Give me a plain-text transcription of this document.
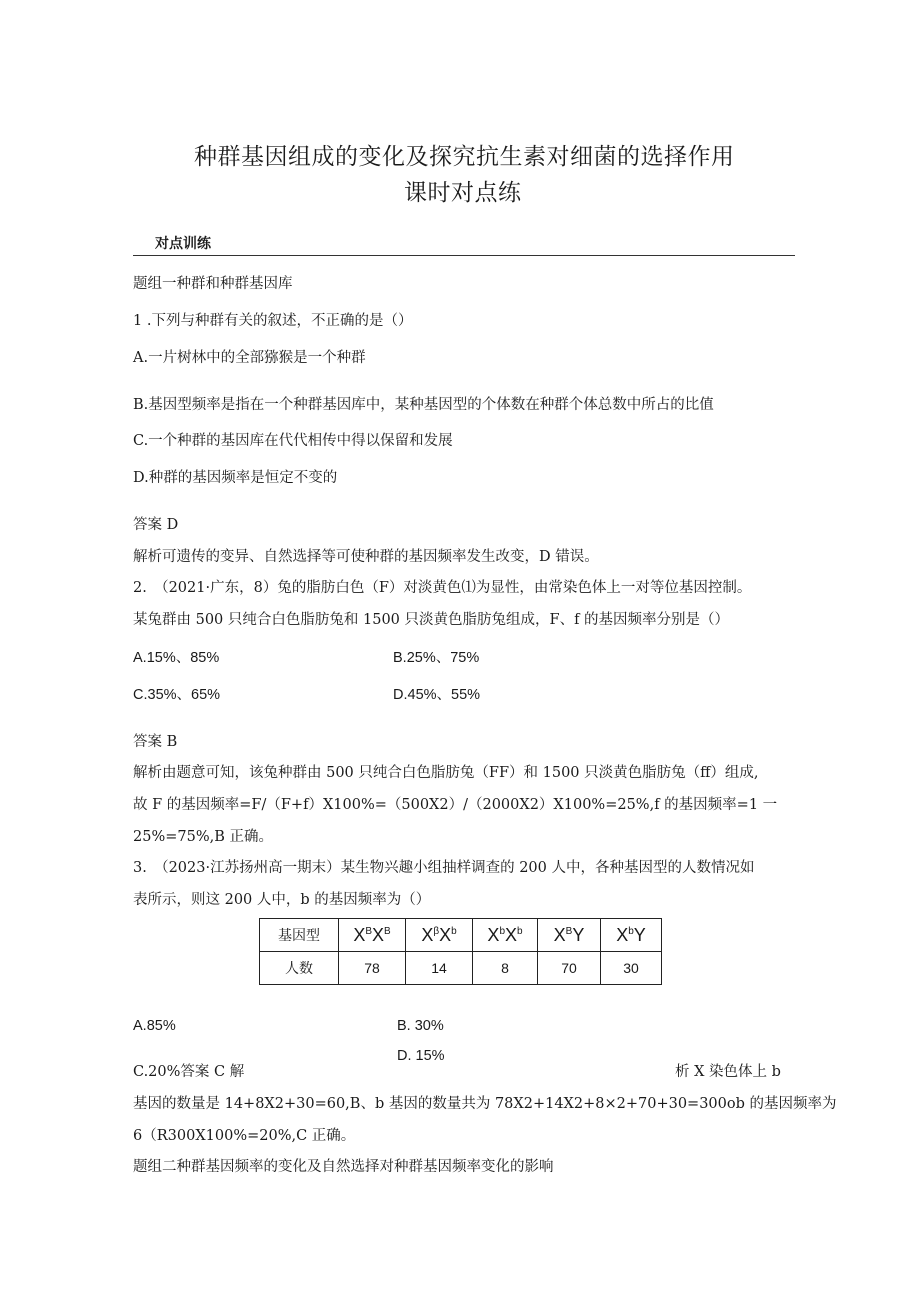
种群基因组成的变化及探究抗生素对细菌的选择作用
课时对点练
对点训练
题组一种群和种群基因库
1 .下列与种群有关的叙述，不正确的是（）
A.一片树林中的全部猕猴是一个种群
B.基因型频率是指在一个种群基因库中，某种基因型的个体数在种群个体总数中所占的比值
C.一个种群的基因库在代代相传中得以保留和发展
D.种群的基因频率是恒定不变的
答案 D
解析可遗传的变异、自然选择等可使种群的基因频率发生改变，D 错误。
2.　（2021·广东，8）兔的脂肪白色（F）对淡黄色⑴为显性，由常染色体上一对等位基因控制。
某兔群由 500 只纯合白色脂肪兔和 1500 只淡黄色脂肪兔组成，F、f 的基因频率分别是（）
A.15%、85%	B.25%、75%
C.35%、65%	D.45%、55%
答案 B
解析由题意可知，该兔种群由 500 只纯合白色脂肪兔（FF）和 1500 只淡黄色脂肪兔（ff）组成,
故 F 的基因频率=F/（F+f）X100%=（500X2）/（2000X2）X100%=25%,f 的基因频率=1 一
25%=75%,B 正确。
3.　（2023·江苏扬州高一期末）某生物兴趣小组抽样调查的 200 人中，各种基因型的人数情况如
表所示，则这 200 人中，b 的基因频率为（）
基因型	$X^BX^B$	$X^\beta X^b$	$X^bX^b$	$X^BY$	$X^bY$
人数	78	14	8	70	30
A.85%	B. 30%
D. 15%
C.20%答案 C 解	析 X 染色体上 b
基因的数量是 14+8X2+30=60,B、b 基因的数量共为 78X2+14X2+8×2+70+30=300ob 的基因频率为
6（R300X100%=20%,C 正确。
题组二种群基因频率的变化及自然选择对种群基因频率变化的影响
